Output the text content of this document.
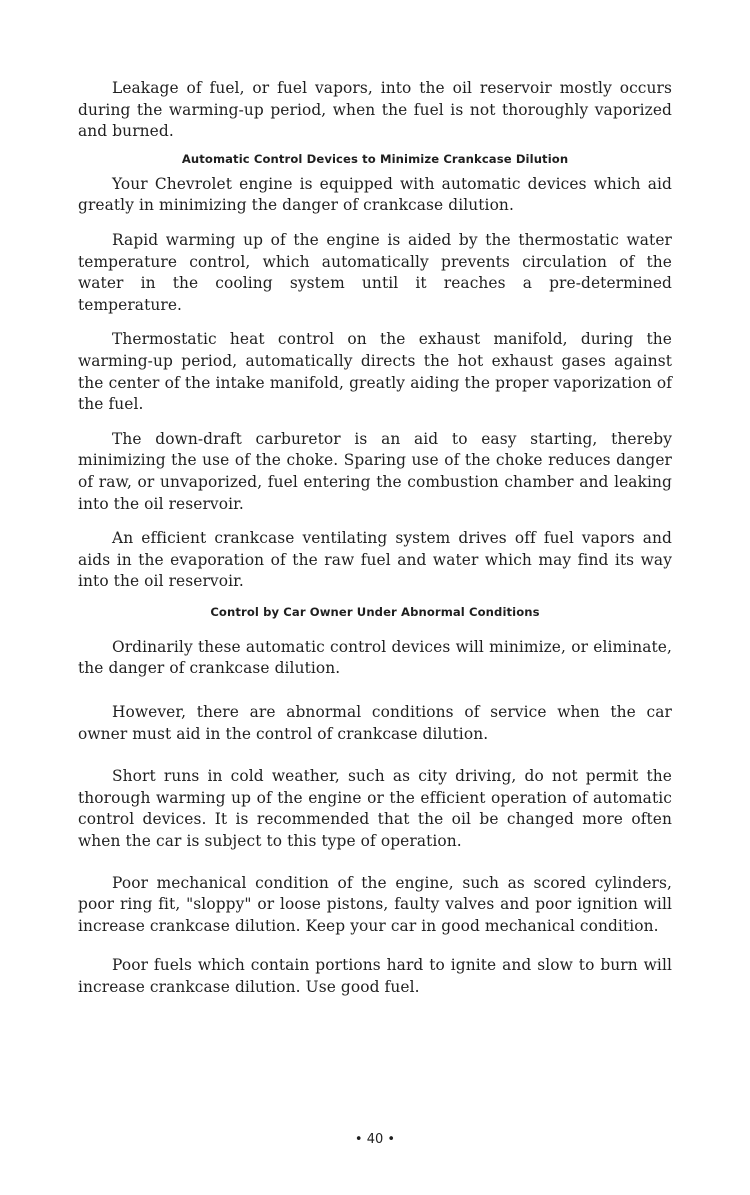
Leakage of fuel, or fuel vapors, into the oil reservoir mostly occurs during the warming-up period, when the fuel is not thoroughly vaporized and burned.

Automatic Control Devices to Minimize Crankcase Dilution

Your Chevrolet engine is equipped with automatic devices which aid greatly in minimizing the danger of crankcase dilution.

Rapid warming up of the engine is aided by the thermostatic water temperature control, which automatically prevents circulation of the water in the cooling system until it reaches a pre-determined temperature.

Thermostatic heat control on the exhaust manifold, during the warming-up period, automatically directs the hot exhaust gases against the center of the intake manifold, greatly aiding the proper vaporization of the fuel.

The down-draft carburetor is an aid to easy starting, thereby minimizing the use of the choke. Sparing use of the choke reduces danger of raw, or unvaporized, fuel entering the combustion chamber and leaking into the oil reservoir.

An efficient crankcase ventilating system drives off fuel vapors and aids in the evaporation of the raw fuel and water which may find its way into the oil reservoir.

Control by Car Owner Under Abnormal Conditions

Ordinarily these automatic control devices will minimize, or eliminate, the danger of crankcase dilution.

However, there are abnormal conditions of service when the car owner must aid in the control of crankcase dilution.

Short runs in cold weather, such as city driving, do not permit the thorough warming up of the engine or the efficient operation of automatic control devices. It is recommended that the oil be changed more often when the car is subject to this type of operation.

Poor mechanical condition of the engine, such as scored cylinders, poor ring fit, "sloppy" or loose pistons, faulty valves and poor ignition will increase crankcase dilution. Keep your car in good mechanical condition.

Poor fuels which contain portions hard to ignite and slow to burn will increase crankcase dilution. Use good fuel.

• 40 •
